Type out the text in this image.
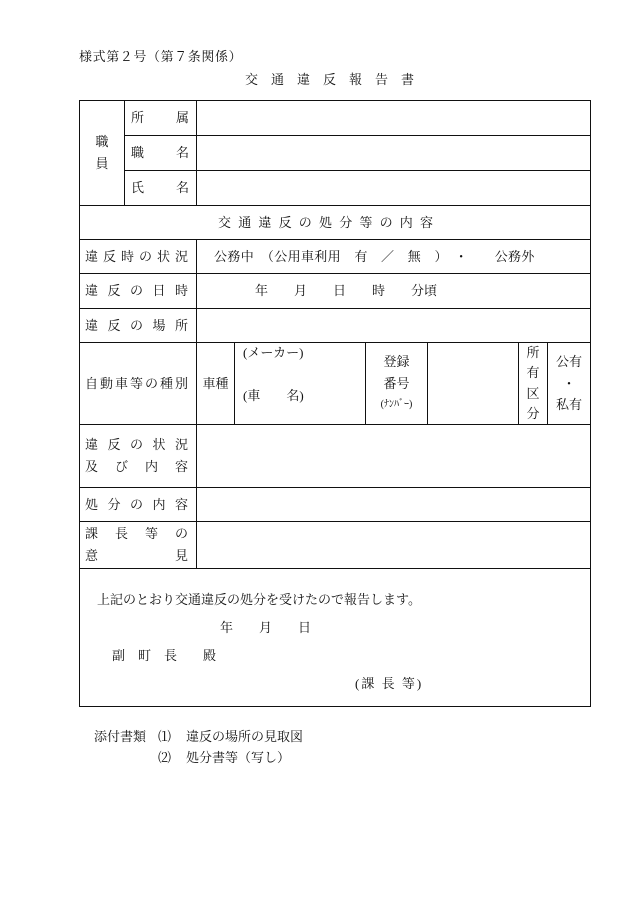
様式第２号（第７条関係）
交　通　違　反　報　告　書
職員
所 属
職 名
氏 名
交 通 違 反 の 処 分 等 の 内 容
違 反 時 の 状 況 公務中　（公用車利用　有　／　無　）　・　　公務外
違 反 の 日 時	年　　月　　日　　時　　分頃
違 反 の 場 所
自動車等の種別 車種
(メーカー)
(車　　名)
登録
番号
(ﾅﾝﾊﾞｰ)
所有区分
公有
・
私有
違 反 の 状 況
及 び 内 容
処 分 の 内 容
課 長 等 の
意 見
上記のとおり交通違反の処分を受けたので報告します。
年　　月　　日
副　町　長　　殿
(課 長 等)
添付書類 ⑴ 違反の場所の見取図
⑵ 処分書等（写し）
